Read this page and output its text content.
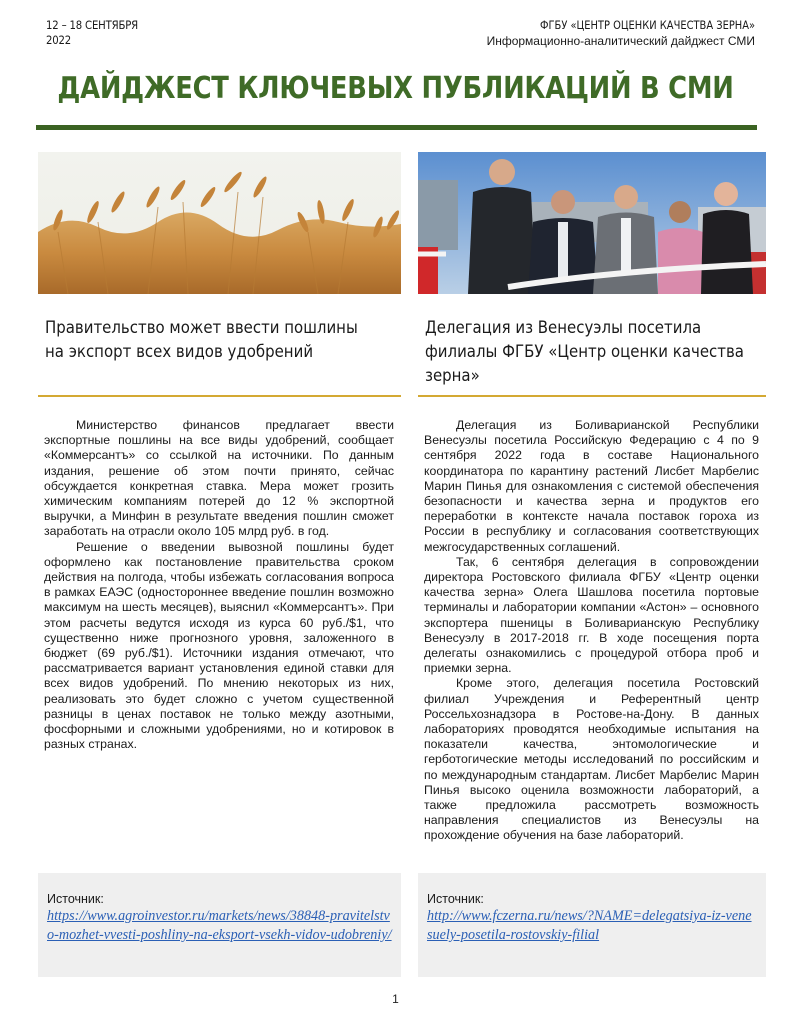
12 – 18 СЕНТЯБРЯ
2022
ФГБУ «ЦЕНТР ОЦЕНКИ КАЧЕСТВА ЗЕРНА»
Информационно-аналитический дайджест СМИ
ДАЙДЖЕСТ КЛЮЧЕВЫХ ПУБЛИКАЦИЙ В СМИ
Правительство может ввести пошлины
на экспорт всех видов удобрений
Делегация из Венесуэлы посетила
филиалы ФГБУ «Центр оценки качества
зерна»

Министерство финансов предлагает ввести экспортные пошлины на все виды удобрений, сообщает «Коммерсантъ» со ссылкой на источники. По данным издания, решение об этом почти принято, сейчас обсуждается конкретная ставка. Мера может грозить химическим компаниям потерей до 12 % экспортной выручки, а Минфин в результате введения пошлин сможет заработать на отрасли около 105 млрд руб. в год.

Решение о введении вывозной пошлины будет оформлено как постановление правительства сроком действия на полгода, чтобы избежать согласования вопроса в рамках ЕАЭС (одностороннее введение пошлин возможно максимум на шесть месяцев), выяснил «Коммерсантъ». При этом расчеты ведутся исходя из курса 60 руб./$1, что существенно ниже прогнозного уровня, заложенного в бюджет (69 руб./$1). Источники издания отмечают, что рассматривается вариант установления единой ставки для всех видов удобрений. По мнению некоторых из них, реализовать это будет сложно с учетом существенной разницы в ценах поставок не только между азотными, фосфорными и сложными удобрениями, но и котировок в разных странах.

Делегация из Боливарианской Республики Венесуэлы посетила Российскую Федерацию с 4 по 9 сентября 2022 года в составе Национального координатора по карантину растений Лисбет Марбелис Марин Пинья для ознакомления с системой обеспечения безопасности и качества зерна и продуктов его переработки в контексте начала поставок гороха из России в республику и согласования соответствующих межгосударственных соглашений.

Так, 6 сентября делегация в сопровождении директора Ростовского филиала ФГБУ «Центр оценки качества зерна» Олега Шашлова посетила портовые терминалы и лаборатории компании «Астон» – основного экспортера пшеницы в Боливарианскую Республику Венесуэлу в 2017-2018 гг. В ходе посещения порта делегаты ознакомились с процедурой отбора проб и приемки зерна.

Кроме этого, делегация посетила Ростовский филиал Учреждения и Референтный центр Россельхознадзора в Ростове-на-Дону. В данных лабораториях проводятся необходимые испытания на показатели качества, энтомологические и герботогические методы исследований по российским и по международным стандартам. Лисбет Марбелис Марин Пинья высоко оценила возможности лабораторий, а также предложила рассмотреть возможность направления специалистов из Венесуэлы на прохождение обучения на базе лабораторий.

Источник:
https://www.agroinvestor.ru/markets/news/38848-pravitelstvo-mozhet-vvesti-poshliny-na-eksport-vsekh-vidov-udobreniy/
Источник:
http://www.fczerna.ru/news/?NAME=delegatsiya-iz-venesuely-posetila-rostovskiy-filial
1
